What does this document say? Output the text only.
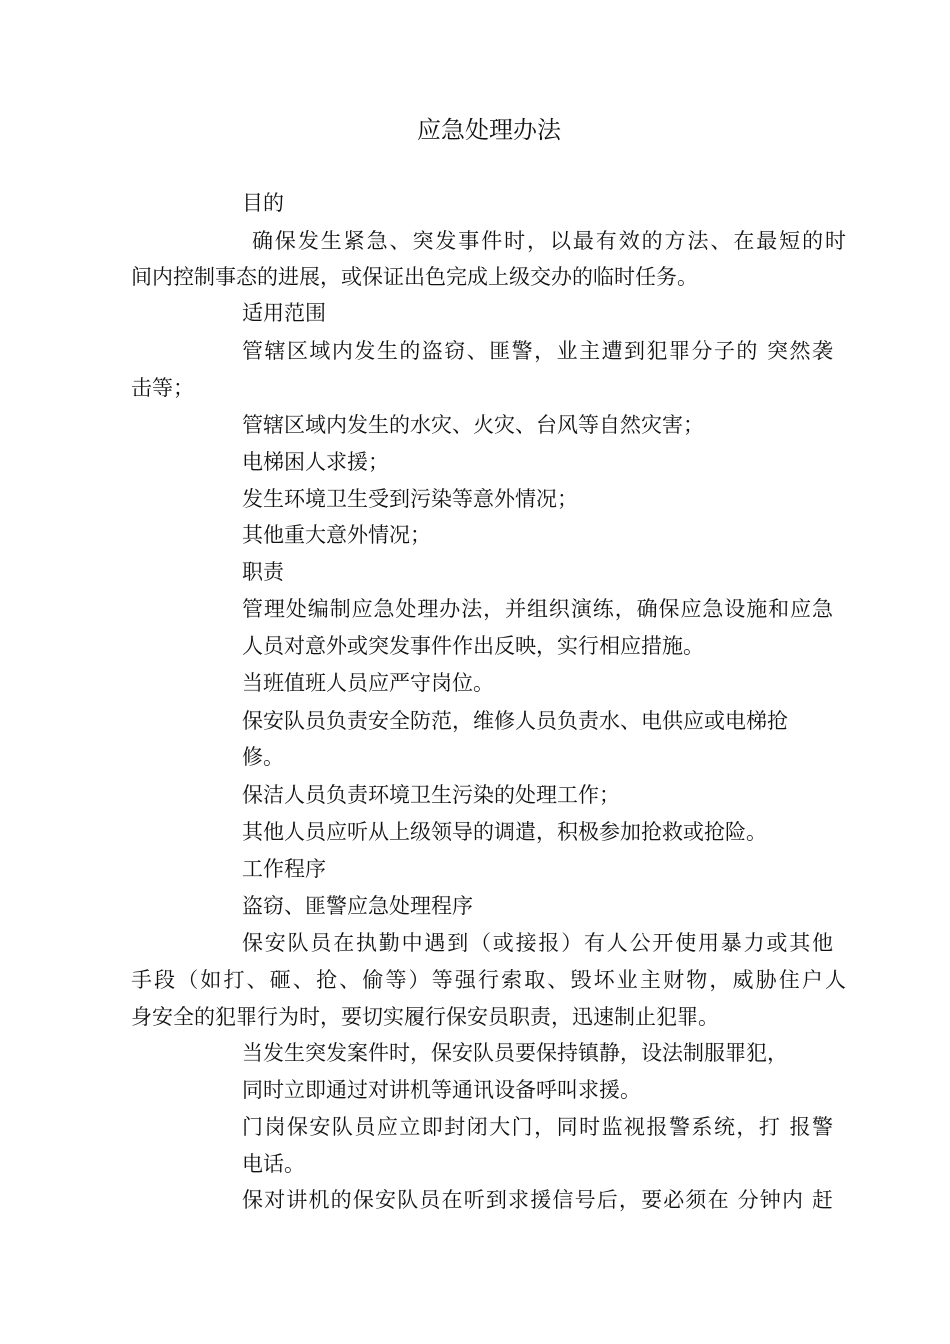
应急处理办法
目的
确保发生紧急、突发事件时，以最有效的方法、在最短的时
间内控制事态的进展，或保证出色完成上级交办的临时任务。
适用范围
管辖区域内发生的盗窃、匪警，业主遭到犯罪分子的 突然袭
击等；
管辖区域内发生的水灾、火灾、台风等自然灾害；
电梯困人求援；
发生环境卫生受到污染等意外情况；
其他重大意外情况；
职责
管理处编制应急处理办法，并组织演练，确保应急设施和应急
人员对意外或突发事件作出反映，实行相应措施。
当班值班人员应严守岗位。
保安队员负责安全防范，维修人员负责水、电供应或电梯抢
修。
保洁人员负责环境卫生污染的处理工作；
其他人员应听从上级领导的调遣，积极参加抢救或抢险。
工作程序
盗窃、匪警应急处理程序
保安队员在执勤中遇到（或接报）有人公开使用暴力或其他
手段（如打、砸、抢、偷等）等强行索取、毁坏业主财物，威胁住户人
身安全的犯罪行为时，要切实履行保安员职责，迅速制止犯罪。
当发生突发案件时，保安队员要保持镇静，设法制服罪犯，
同时立即通过对讲机等通讯设备呼叫求援。
门岗保安队员应立即封闭大门，同时监视报警系统，打 报警
电话。
保对讲机的保安队员在听到求援信号后，要必须在 分钟内 赶
